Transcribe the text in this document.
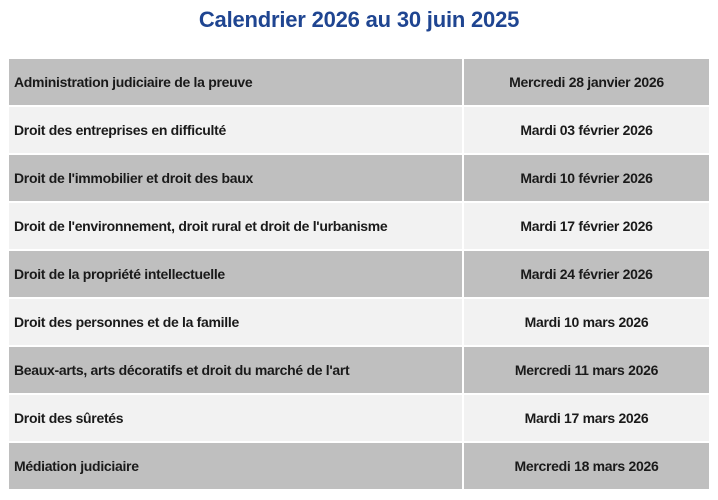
Calendrier 2026 au 30 juin 2025
Administration judiciaire de la preuve	Mercredi 28 janvier 2026
Droit des entreprises en difficulté	Mardi 03 février 2026
Droit de l'immobilier et droit des baux	Mardi 10 février 2026
Droit de l'environnement, droit rural et droit de l'urbanisme	Mardi 17 février 2026
Droit de la propriété intellectuelle	Mardi 24 février 2026
Droit des personnes et de la famille	Mardi 10 mars 2026
Beaux-arts, arts décoratifs et droit du marché de l'art	Mercredi 11 mars 2026
Droit des sûretés	Mardi 17 mars 2026
Médiation judiciaire	Mercredi 18 mars 2026
